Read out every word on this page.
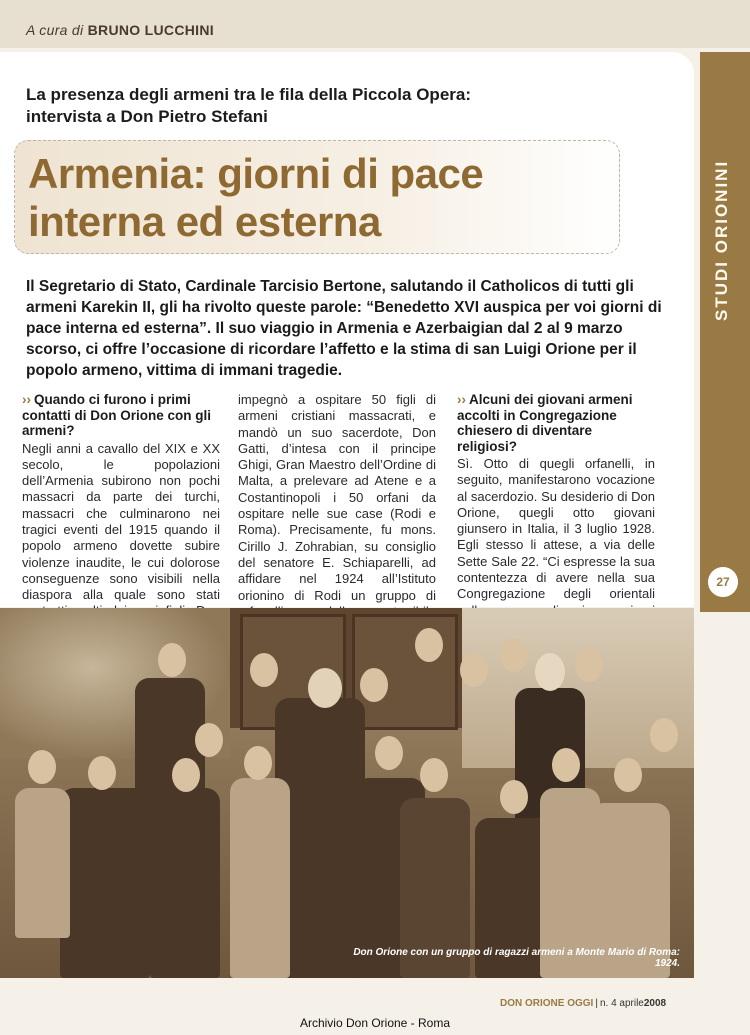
A cura di BRUNO LUCCHINI
STUDI ORIONINI
La presenza degli armeni tra le fila della Piccola Opera:
intervista a Don Pietro Stefani
Armenia: giorni di pace
interna ed esterna
Il Segretario di Stato, Cardinale Tarcisio Bertone, salutando il Catholicos di tutti gli armeni Karekin II, gli ha rivolto queste parole: “Benedetto XVI auspica per voi giorni di pace interna ed esterna”. Il suo viaggio in Armenia e Azerbaigian dal 2 al 9 marzo scorso, ci offre l’occasione di ricordare l’affetto e la stima di san Luigi Orione per il popolo armeno, vittima di immani tragedie.
›› Quando ci furono i primi contatti di Don Orione con gli armeni?
Negli anni a cavallo del XIX e XX secolo, le popolazioni dell’Armenia subirono non pochi massacri da parte dei turchi, massacri che culminarono nei tragici eventi del 1915 quando il popolo armeno dovette subire violenze inaudite, le cui dolorose conseguenze sono visibili nella diaspora alla quale sono stati
impegnò a ospitare 50 figli di armeni cristiani massacrati, e mandò un suo sacerdote, Don Gatti, d’intesa con il principe Ghigi, Gran Maestro dell’Ordine di Malta, a prelevare ad Atene e a Costantinopoli i 50 orfani da ospitare nelle sue case (Rodi e Roma). Precisamente, fu mons. Cirillo J. Zohrabian, su consiglio del senatore E. Schiaparelli, ad affidare nel 1924 all’Istituto orionino di Rodi un gruppo di
›› Alcuni dei giovani armeni accolti in Congregazione chiesero di diventare religiosi?
Sì. Otto di quegli orfanelli, in seguito, manifestarono vocazione al sacerdozio. Su desiderio di Don Orione, quegli otto giovani giunsero in Italia, il 3 luglio 1928. Egli stesso li attese, a via delle Sette Sale 22. “Ci espresse la sua contentezza di avere nella sua Congregazione degli orientali
27
Don Orione con un gruppo di ragazzi armeni a Monte Mario di Roma: 1924.
DON ORIONE OGGI | n. 4 aprile2008
Archivio Don Orione - Roma
